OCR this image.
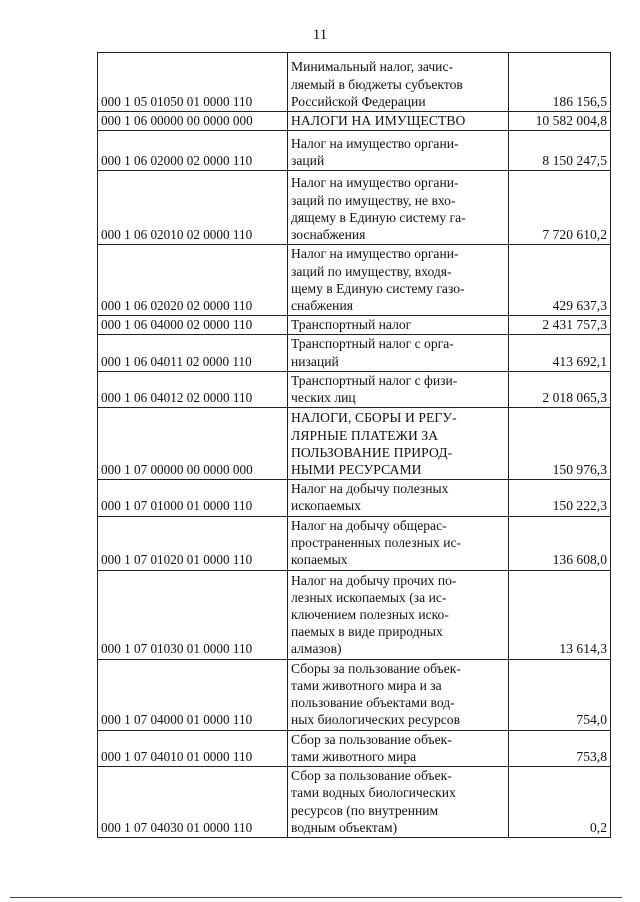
11
000 1 05 01050 01 0000 110	Минимальный налог, зачис-
ляемый в бюджеты субъектов
Российской Федерации	186 156,5
000 1 06 00000 00 0000 000	НАЛОГИ НА ИМУЩЕСТВО	10 582 004,8
000 1 06 02000 02 0000 110	Налог на имущество органи-
заций	8 150 247,5
000 1 06 02010 02 0000 110	Налог на имущество органи-
заций по имуществу, не вхо-
дящему в Единую систему га-
зоснабжения	7 720 610,2
000 1 06 02020 02 0000 110	Налог на имущество органи-
заций по имуществу, входя-
щему в Единую систему газо-
снабжения	429 637,3
000 1 06 04000 02 0000 110	Транспортный налог	2 431 757,3
000 1 06 04011 02 0000 110	Транспортный налог с орга-
низаций	413 692,1
000 1 06 04012 02 0000 110	Транспортный налог с физи-
ческих лиц	2 018 065,3
000 1 07 00000 00 0000 000	НАЛОГИ, СБОРЫ И РЕГУ-
ЛЯРНЫЕ ПЛАТЕЖИ ЗА
ПОЛЬЗОВАНИЕ ПРИРОД-
НЫМИ РЕСУРСАМИ	150 976,3
000 1 07 01000 01 0000 110	Налог на добычу полезных
ископаемых	150 222,3
000 1 07 01020 01 0000 110	Налог на добычу общерас-
пространенных полезных ис-
копаемых	136 608,0
000 1 07 01030 01 0000 110	Налог на добычу прочих по-
лезных ископаемых (за ис-
ключением полезных иско-
паемых в виде природных
алмазов)	13 614,3
000 1 07 04000 01 0000 110	Сборы за пользование объек-
тами животного мира и за
пользование объектами вод-
ных биологических ресурсов	754,0
000 1 07 04010 01 0000 110	Сбор за пользование объек-
тами животного мира	753,8
000 1 07 04030 01 0000 110	Сбор за пользование объек-
тами водных биологических
ресурсов (по внутренним
водным объектам)	0,2
